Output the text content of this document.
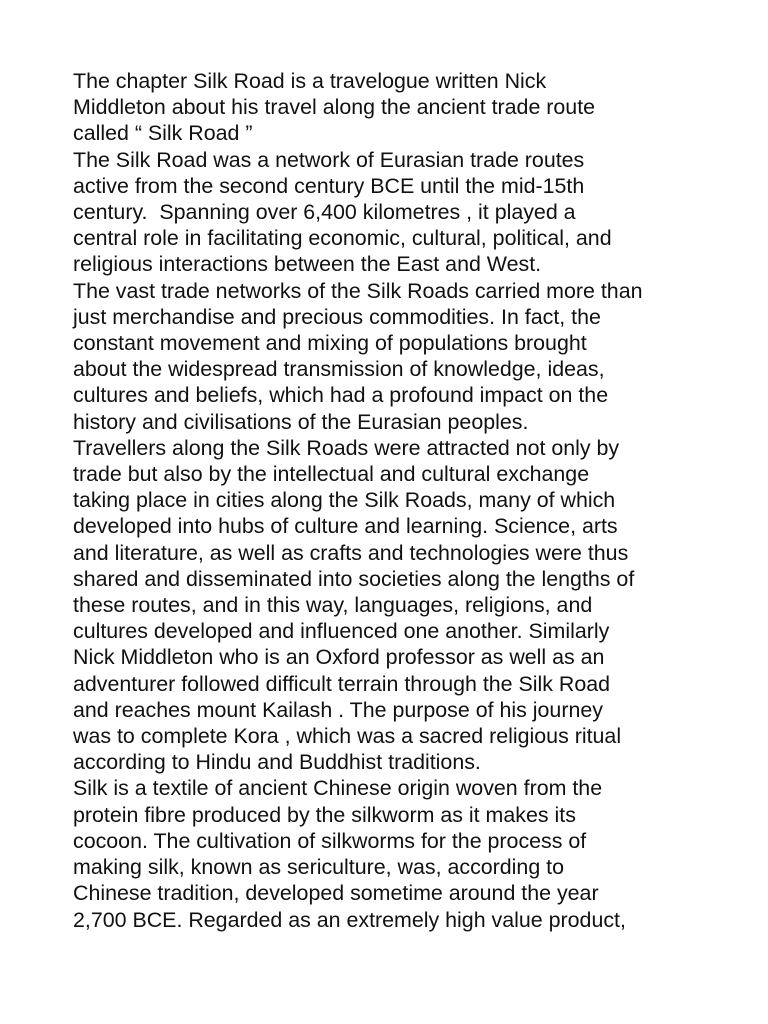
The chapter Silk Road is a travelogue written Nick
Middleton about his travel along the ancient trade route
called “ Silk Road ”

The Silk Road was a network of Eurasian trade routes
active from the second century BCE until the mid-15th
century.  Spanning over 6,400 kilometres , it played a
central role in facilitating economic, cultural, political, and
religious interactions between the East and West.

The vast trade networks of the Silk Roads carried more than
just merchandise and precious commodities. In fact, the
constant movement and mixing of populations brought
about the widespread transmission of knowledge, ideas,
cultures and beliefs, which had a profound impact on the
history and civilisations of the Eurasian peoples.

Travellers along the Silk Roads were attracted not only by
trade but also by the intellectual and cultural exchange
taking place in cities along the Silk Roads, many of which
developed into hubs of culture and learning. Science, arts
and literature, as well as crafts and technologies were thus
shared and disseminated into societies along the lengths of
these routes, and in this way, languages, religions, and
cultures developed and influenced one another. Similarly
Nick Middleton who is an Oxford professor as well as an
adventurer followed difficult terrain through the Silk Road
and reaches mount Kailash . The purpose of his journey
was to complete Kora , which was a sacred religious ritual
according to Hindu and Buddhist traditions.

Silk is a textile of ancient Chinese origin woven from the
protein fibre produced by the silkworm as it makes its
cocoon. The cultivation of silkworms for the process of
making silk, known as sericulture, was, according to
Chinese tradition, developed sometime around the year
2,700 BCE. Regarded as an extremely high value product,
